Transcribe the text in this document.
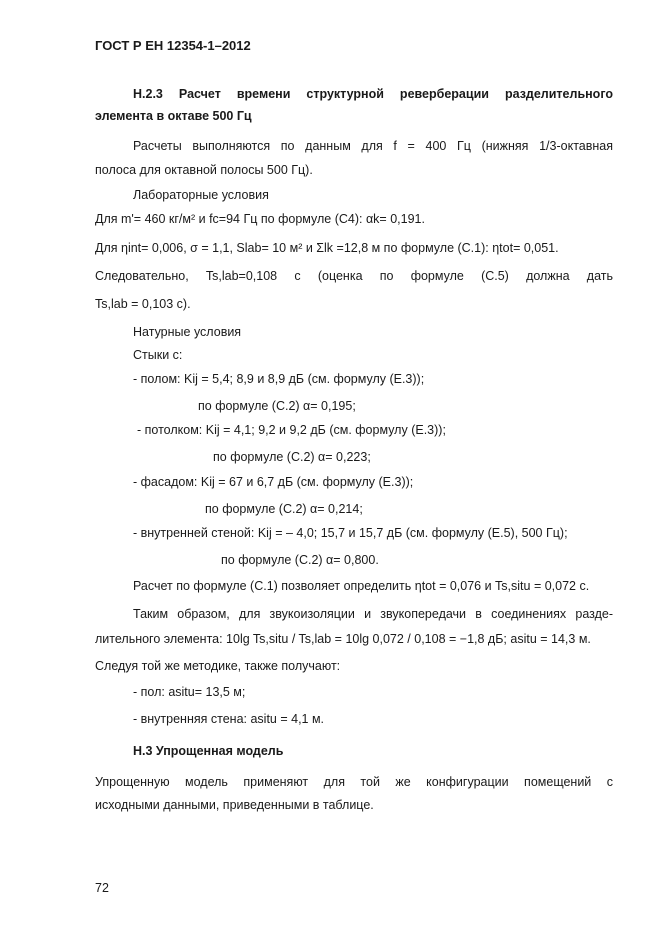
ГОСТ Р ЕН 12354-1–2012
H.2.3 Расчет времени структурной реверберации разделительного
элемента в октаве 500 Гц
Расчеты выполняются по данным для f = 400 Гц (нижняя 1/3-октавная
полоса для октавной полосы 500 Гц).
Лабораторные условия
Для m'= 460 кг/м² и fc=94 Гц по формуле (С4): αk= 0,191.
Для ηint= 0,006, σ = 1,1, Slab= 10 м² и Σlk =12,8 м по формуле (С.1): ηtot= 0,051.
Следовательно, Ts,lab=0,108 с (оценка по формуле (С.5) должна дать
Ts,lab = 0,103 с).
Натурные условия
Стыки с:
- полом: Kij = 5,4; 8,9 и 8,9 дБ (см. формулу (E.3));
по формуле (С.2) α= 0,195;
- потолком: Kij = 4,1; 9,2 и 9,2 дБ (см. формулу (E.3));
по формуле (С.2) α= 0,223;
- фасадом: Kij = 67 и 6,7 дБ (см. формулу (E.3));
по формуле (С.2) α= 0,214;
- внутренней стеной: Kij = – 4,0; 15,7 и 15,7 дБ (см. формулу (E.5), 500 Гц);
по формуле (С.2) α= 0,800.
Расчет по формуле (С.1) позволяет определить ηtot = 0,076 и Ts,situ = 0,072 с.
Таким образом, для звукоизоляции и звукопередачи в соединениях разде-
лительного элемента: 10lg Ts,situ / Ts,lab = 10lg 0,072 / 0,108 = −1,8 дБ; asitu = 14,3 м.
Следуя той же методике, также получают:
- пол: asitu= 13,5 м;
- внутренняя стена: asitu = 4,1 м.
H.3 Упрощенная модель
Упрощенную модель применяют для той же конфигурации помещений с
исходными данными, приведенными в таблице.
72
